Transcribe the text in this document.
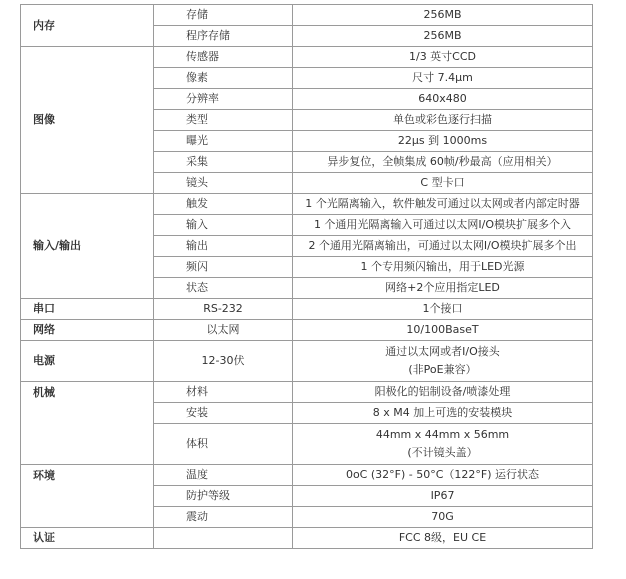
内存	存储	256MB
	程序存储	256MB
图像	传感器	1/3 英寸CCD
	像素	尺寸 7.4µm
	分辨率	640x480
	类型	单色或彩色逐行扫描
	曝光	22µs 到 1000ms
	采集	异步复位，全帧集成 60帧/秒最高（应用相关）
	镜头	C 型卡口
输入/输出	触发	1 个光隔离输入，软件触发可通过以太网或者内部定时器
	输入	1 个通用光隔离输入可通过以太网I/O模块扩展多个入
	输出	2 个通用光隔离输出，可通过以太网I/O模块扩展多个出
	频闪	1 个专用频闪输出，用于LED光源
	状态	网络+2个应用指定LED
串口	RS-232	1个接口
网络	以太网	10/100BaseT
电源	12-30伏	通过以太网或者I/O接头
(非PoE兼容）

机械	材料	阳极化的铝制设备/喷漆处理
	安装	8 x M4 加上可选的安装模块
	体积	44mm x 44mm x 56mm
(不计镜头盖）

环境	温度	0oC (32°F) - 50°C（122°F) 运行状态
	防护等级	IP67
	震动	70G
认证		FCC 8级，EU CE
